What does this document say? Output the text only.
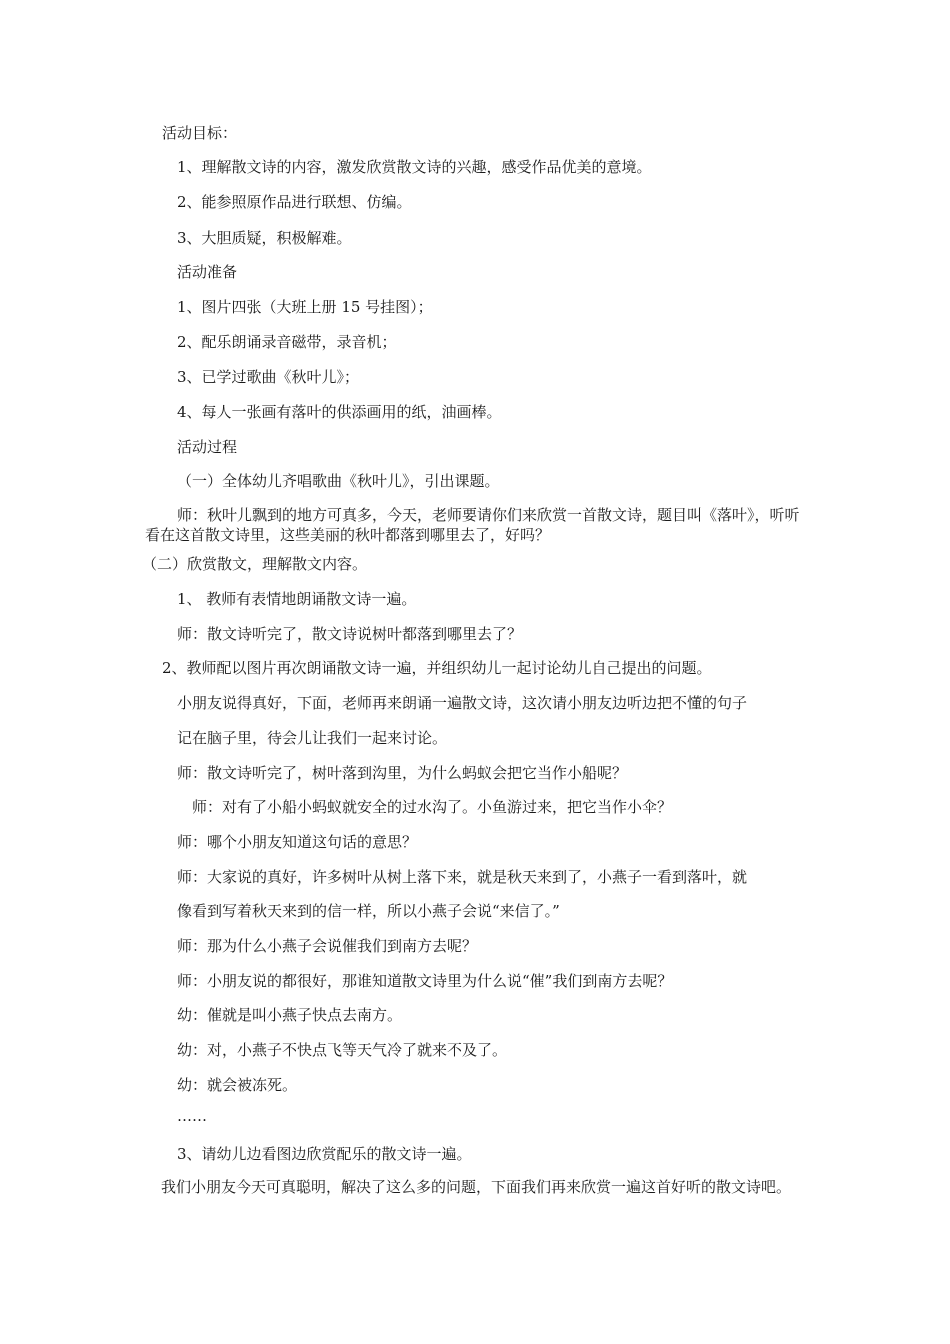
活动目标：
1、理解散文诗的内容，激发欣赏散文诗的兴趣，感受作品优美的意境。
2、能参照原作品进行联想、仿编。
3、大胆质疑，积极解难。
活动准备
1、图片四张（大班上册 15 号挂图）；
2、配乐朗诵录音磁带，录音机；
3、已学过歌曲《秋叶儿》；
4、每人一张画有落叶的供添画用的纸，油画棒。
活动过程
（一）全体幼儿齐唱歌曲《秋叶儿》，引出课题。
师：秋叶儿飘到的地方可真多，今天，老师要请你们来欣赏一首散文诗，题目叫《落叶》，听听看在这首散文诗里，这些美丽的秋叶都落到哪里去了，好吗？
（二）欣赏散文，理解散文内容。
1、 教师有表情地朗诵散文诗一遍。
师：散文诗听完了，散文诗说树叶都落到哪里去了？
2、教师配以图片再次朗诵散文诗一遍，并组织幼儿一起讨论幼儿自己提出的问题。
小朋友说得真好，下面，老师再来朗诵一遍散文诗，这次请小朋友边听边把不懂的句子
记在脑子里，待会儿让我们一起来讨论。
师：散文诗听完了，树叶落到沟里，为什么蚂蚁会把它当作小船呢？
师：对有了小船小蚂蚁就安全的过水沟了。小鱼游过来，把它当作小伞？
师：哪个小朋友知道这句话的意思？
师：大家说的真好，许多树叶从树上落下来，就是秋天来到了，小燕子一看到落叶，就
像看到写着秋天来到的信一样，所以小燕子会说“来信了。”
师：那为什么小燕子会说催我们到南方去呢？
师：小朋友说的都很好，那谁知道散文诗里为什么说“催”我们到南方去呢？
幼：催就是叫小燕子快点去南方。
幼：对，小燕子不快点飞等天气冷了就来不及了。
幼：就会被冻死。
……
3、请幼儿边看图边欣赏配乐的散文诗一遍。
我们小朋友今天可真聪明，解决了这么多的问题，下面我们再来欣赏一遍这首好听的散文诗吧。
